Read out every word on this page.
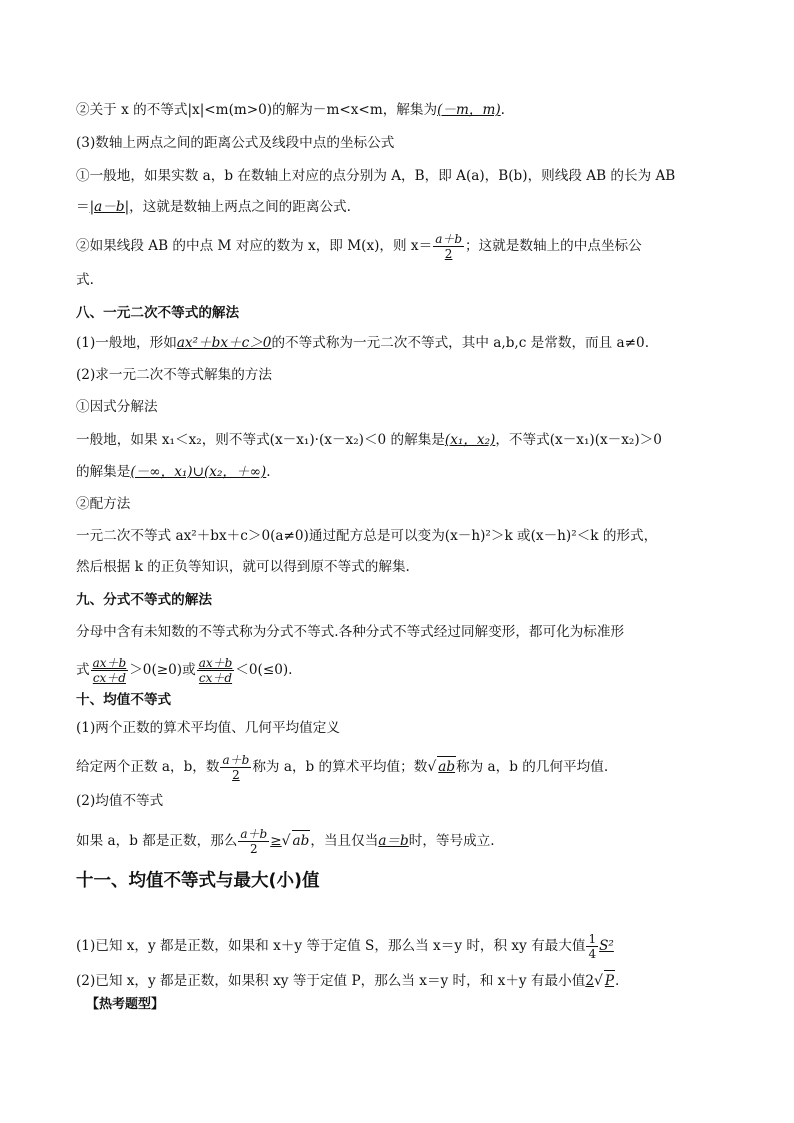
②关于 x 的不等式|x|<m(m>0)的解为－m<x<m，解集为(－m，m).
(3)数轴上两点之间的距离公式及线段中点的坐标公式
①一般地，如果实数 a，b 在数轴上对应的点分别为 A，B，即 A(a)，B(b)，则线段 AB 的长为 AB
＝|a－b|，这就是数轴上两点之间的距离公式.
②如果线段 AB 的中点 M 对应的数为 x，即 M(x)，则 $x= \frac{a+b}{2}$ ；这就是数轴上的中点坐标公
式.
八、一元二次不等式的解法
(1)一般地，形如ax²＋bx＋c＞0的不等式称为一元二次不等式，其中 a,b,c 是常数，而且 a≠0.
(2)求一元二次不等式解集的方法
①因式分解法
一般地，如果 x₁＜x₂，则不等式(x－x₁)·(x－x₂)＜0 的解集是(x₁，x₂)，不等式(x－x₁)(x－x₂)＞0
的解集是(－∞，x₁)∪(x₂，＋∞).
②配方法
一元二次不等式 ax²＋bx＋c＞0(a≠0)通过配方总是可以变为(x－h)²＞k 或(x－h)²＜k 的形式，
然后根据 k 的正负等知识，就可以得到原不等式的解集.
九、分式不等式的解法
分母中含有未知数的不等式称为分式不等式.各种分式不等式经过同解变形，都可化为标准形
式 $\frac{ax+b}{cx+d} >0(\ge 0)$或 $\frac{ax+b}{cx+d} <0(\le 0)$.
十、均值不等式
(1)两个正数的算术平均值、几何平均值定义
给定两个正数 a，b，数 $\frac{a+b}{2}$ 称为 a，b 的算术平均值；数√ ab称为 a，b 的几何平均值.
(2)均值不等式
如果 a，b 都是正数，那么 $\frac{a+b}{2}$ ≥√ ab，当且仅当a＝b时，等号成立.
十一、均值不等式与最大(小)值
(1)已知 x，y 都是正数，如果和 x＋y 等于定值 S，那么当 x＝y 时，积 xy 有最大值 $\frac{1}{4} S^2$
(2)已知 x，y 都是正数，如果积 xy 等于定值 P，那么当 x＝y 时，和 x＋y 有最小值2√ P.
【热考题型】
